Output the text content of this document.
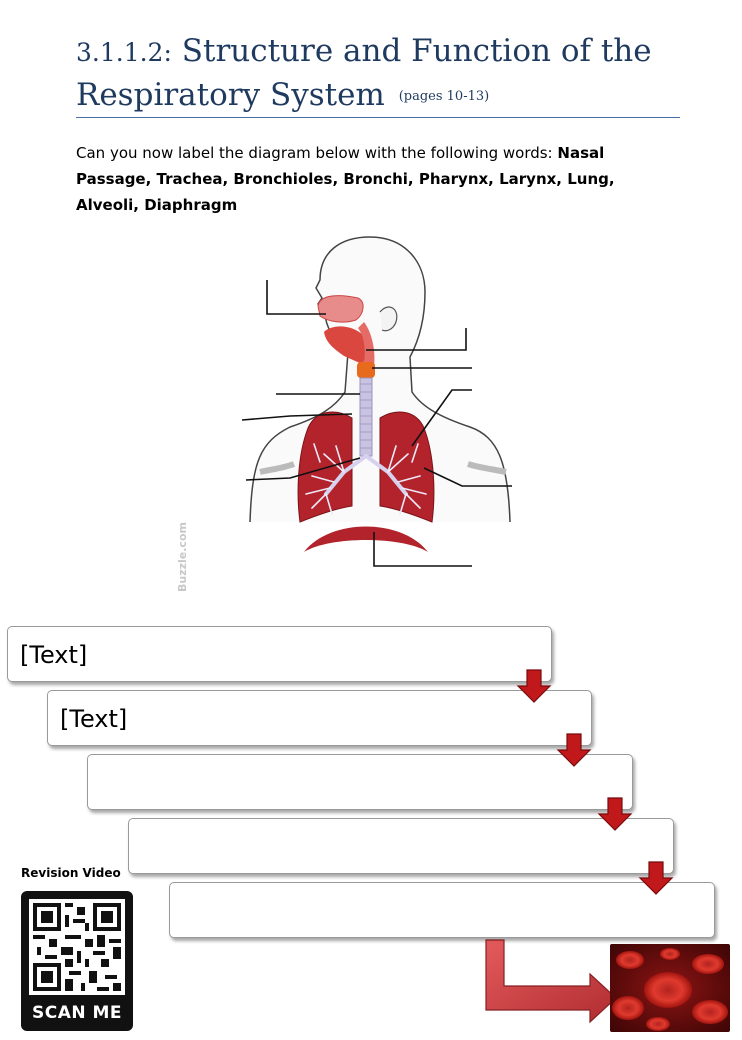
3.1.1.2: Structure and Function of the Respiratory System (pages 10-13)
Can you now label the diagram below with the following words: Nasal Passage, Trachea, Bronchioles, Bronchi, Pharynx, Larynx, Lung, Alveoli, Diaphragm
Buzzle.com
[Text]
[Text]
Revision Video
SCAN ME
